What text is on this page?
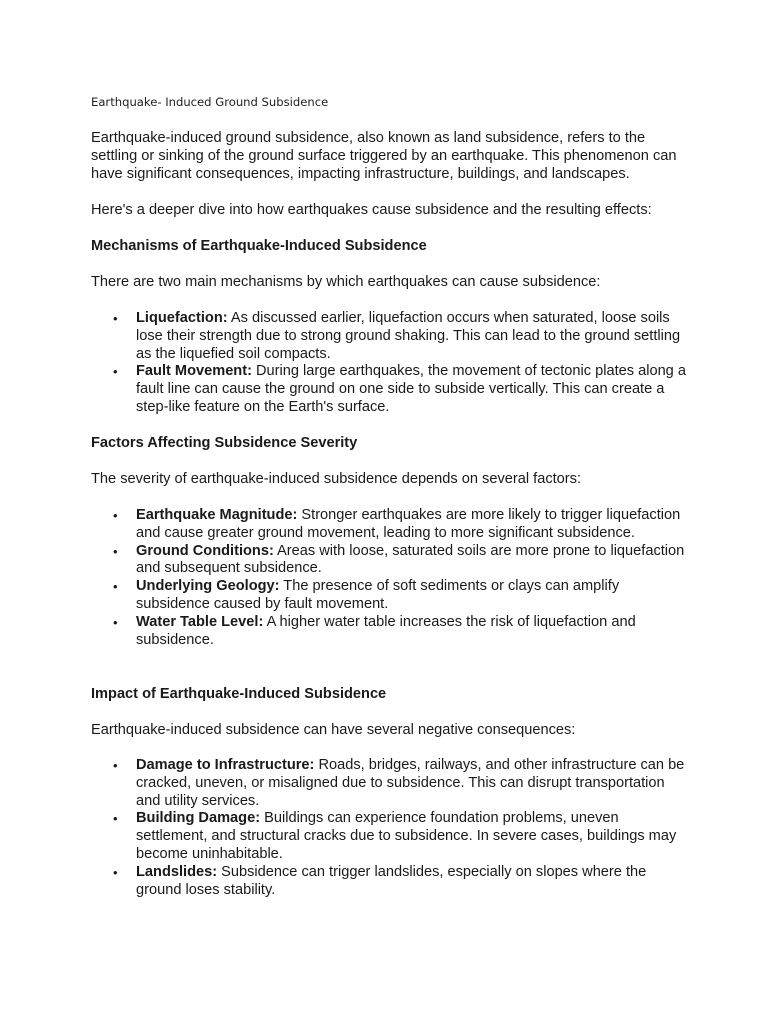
Earthquake- Induced Ground Subsidence

Earthquake-induced ground subsidence, also known as land subsidence, refers to the settling or sinking of the ground surface triggered by an earthquake. This phenomenon can have significant consequences, impacting infrastructure, buildings, and landscapes.

Here's a deeper dive into how earthquakes cause subsidence and the resulting effects:

Mechanisms of Earthquake-Induced Subsidence

There are two main mechanisms by which earthquakes can cause subsidence:

• Liquefaction: As discussed earlier, liquefaction occurs when saturated, loose soils lose their strength due to strong ground shaking. This can lead to the ground settling as the liquefied soil compacts.
• Fault Movement: During large earthquakes, the movement of tectonic plates along a fault line can cause the ground on one side to subside vertically. This can create a step-like feature on the Earth's surface.

Factors Affecting Subsidence Severity

The severity of earthquake-induced subsidence depends on several factors:

• Earthquake Magnitude: Stronger earthquakes are more likely to trigger liquefaction and cause greater ground movement, leading to more significant subsidence.
• Ground Conditions: Areas with loose, saturated soils are more prone to liquefaction and subsequent subsidence.
• Underlying Geology: The presence of soft sediments or clays can amplify subsidence caused by fault movement.
• Water Table Level: A higher water table increases the risk of liquefaction and subsidence.

Impact of Earthquake-Induced Subsidence

Earthquake-induced subsidence can have several negative consequences:

• Damage to Infrastructure: Roads, bridges, railways, and other infrastructure can be cracked, uneven, or misaligned due to subsidence. This can disrupt transportation and utility services.
• Building Damage: Buildings can experience foundation problems, uneven settlement, and structural cracks due to subsidence. In severe cases, buildings may become uninhabitable.
• Landslides: Subsidence can trigger landslides, especially on slopes where the ground loses stability.
